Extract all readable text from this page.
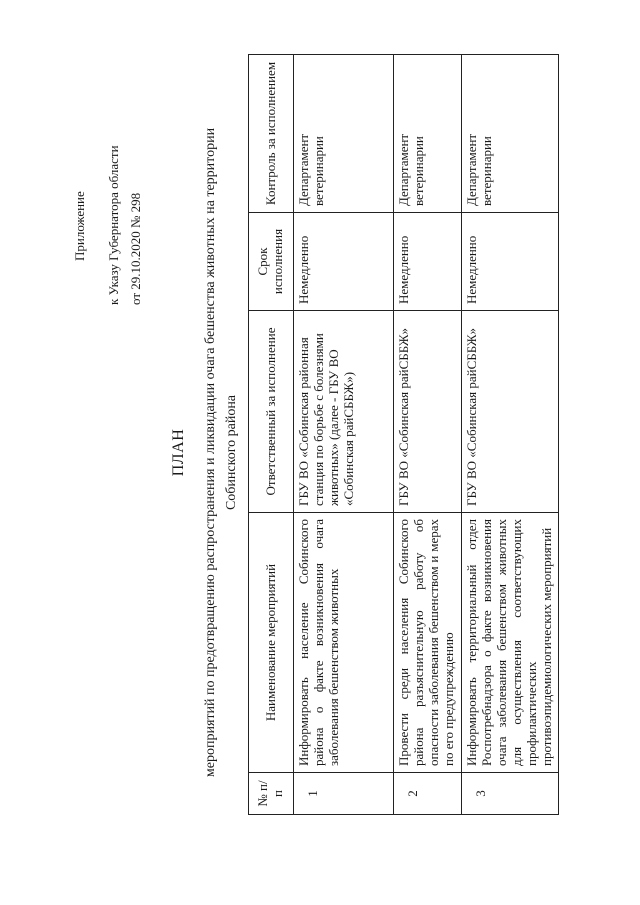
Приложение к Указу Губернатора области от 29.10.2020 № 298
ПЛАН мероприятий по предотвращению распространения и ликвидации очага бешенства животных на территории Собинского района
№ п/п	Наименование мероприятий	Ответственный за исполнение	Срок исполнения	Контроль за исполнением
1	Информировать население Собинского района о факте возникновения очага заболевания бешенством животных	ГБУ ВО «Собинская районная станция по борьбе с болезнями животных» (далее - ГБУ ВО «Собинская райСББЖ»)	Немедленно	Департамент ветеринарии
2	Провести среди населения Собинского района разъяснительную работу об опасности заболевания бешенством и мерах по его предупреждению	ГБУ ВО «Собинская райСББЖ»	Немедленно	Департамент ветеринарии
3	Информировать территориальный отдел Роспотребнадзора о факте возникновения очага заболевания бешенством животных для осуществления соответствующих профилактических противоэпидемиологических мероприятий	ГБУ ВО «Собинская райСББЖ»	Немедленно	Департамент ветеринарии
